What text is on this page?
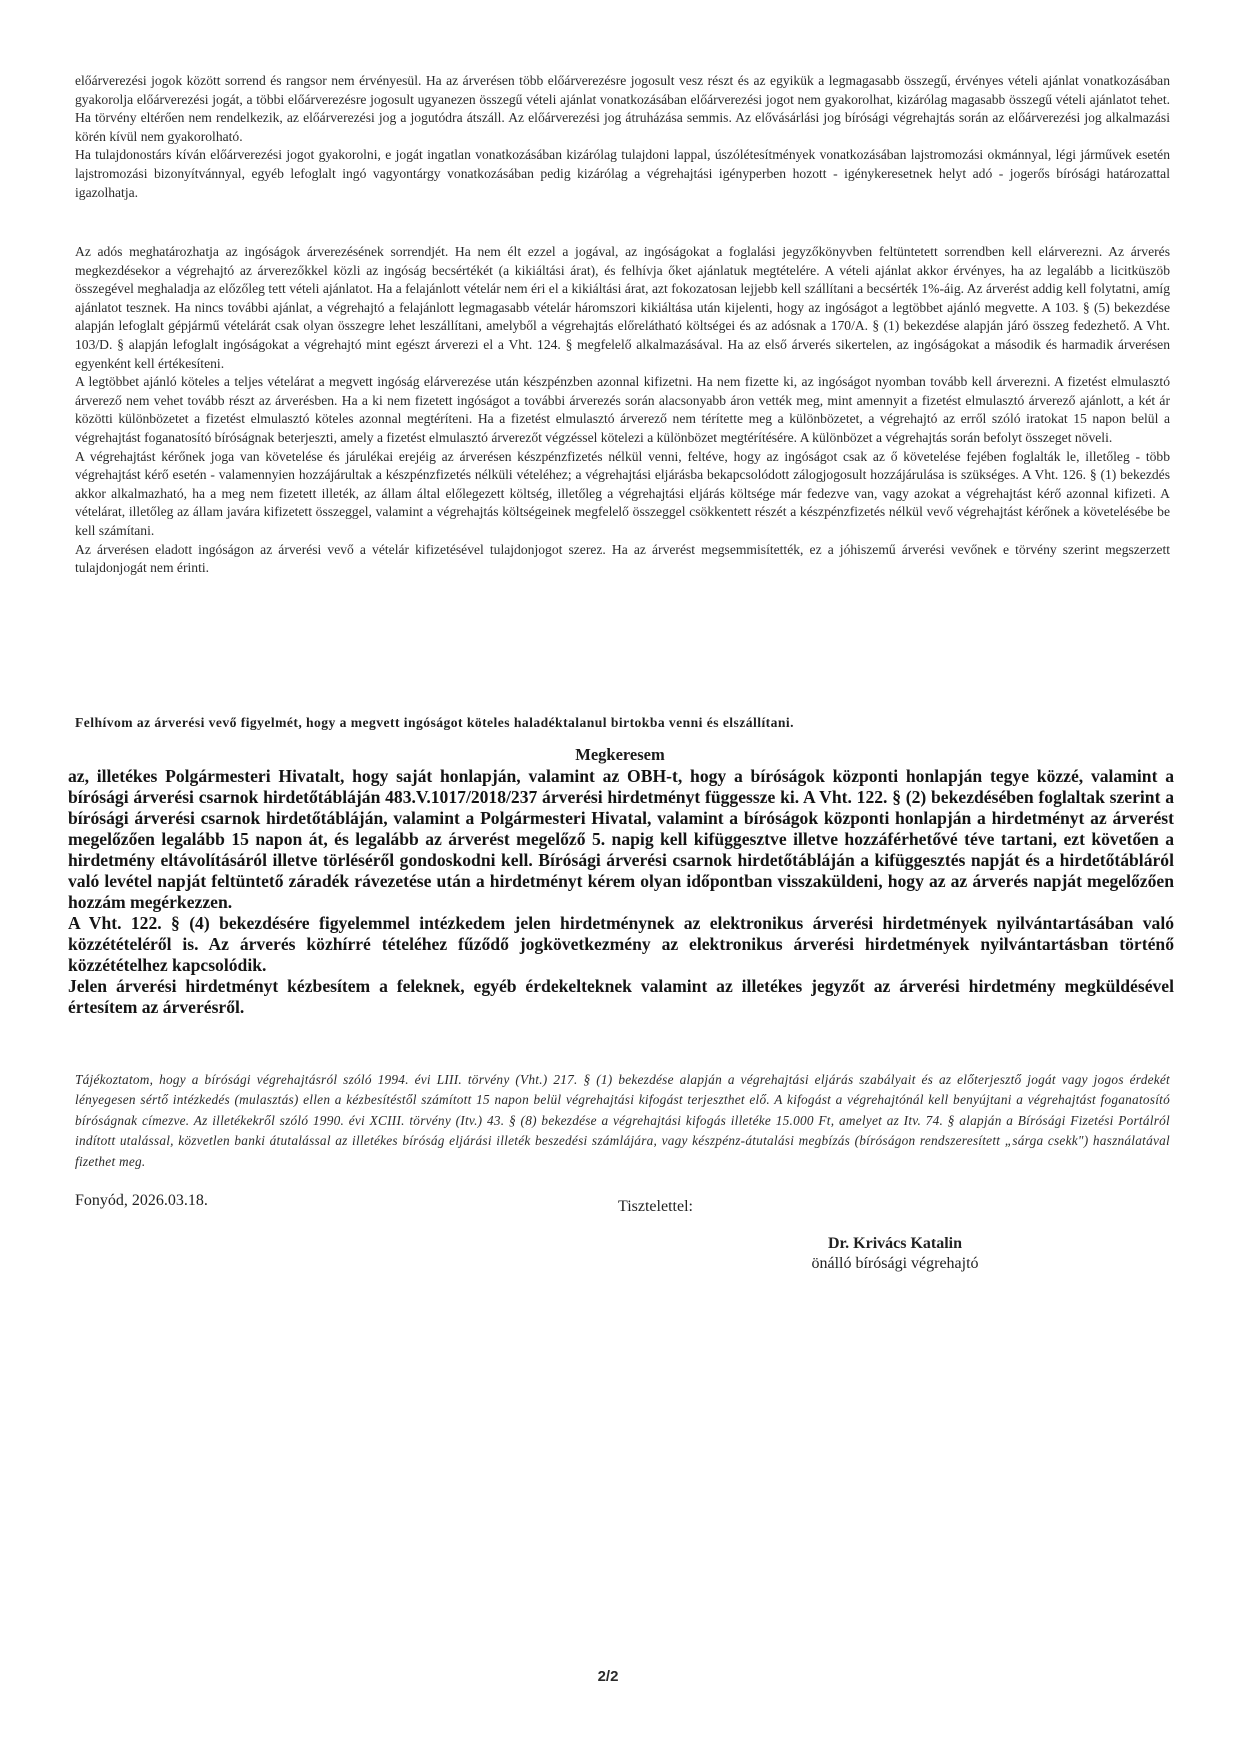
előárverezési jogok között sorrend és rangsor nem érvényesül. Ha az árverésen több előárverezésre jogosult vesz részt és az egyikük a legmagasabb összegű, érvényes vételi ajánlat vonatkozásában gyakorolja előárverezési jogát, a többi előárverezésre jogosult ugyanezen összegű vételi ajánlat vonatkozásában előárverezési jogot nem gyakorolhat, kizárólag magasabb összegű vételi ajánlatot tehet. Ha törvény eltérően nem rendelkezik, az előárverezési jog a jogutódra átszáll. Az előárverezési jog átruházása semmis. Az elővásárlási jog bírósági végrehajtás során az előárverezési jog alkalmazási körén kívül nem gyakorolható.

Ha tulajdonostárs kíván előárverezési jogot gyakorolni, e jogát ingatlan vonatkozásában kizárólag tulajdoni lappal, úszólétesítmények vonatkozásában lajstromozási okmánnyal, légi járművek esetén lajstromozási bizonyítvánnyal, egyéb lefoglalt ingó vagyontárgy vonatkozásában pedig kizárólag a végrehajtási igényperben hozott - igénykeresetnek helyt adó - jogerős bírósági határozattal igazolhatja.

Az adós meghatározhatja az ingóságok árverezésének sorrendjét. Ha nem élt ezzel a jogával, az ingóságokat a foglalási jegyzőkönyvben feltüntetett sorrendben kell elárverezni. Az árverés megkezdésekor a végrehajtó az árverezőkkel közli az ingóság becsértékét (a kikiáltási árat), és felhívja őket ajánlatuk megtételére. A vételi ajánlat akkor érvényes, ha az legalább a licitküszöb összegével meghaladja az előzőleg tett vételi ajánlatot. Ha a felajánlott vételár nem éri el a kikiáltási árat, azt fokozatosan lejjebb kell szállítani a becsérték 1%-áig. Az árverést addig kell folytatni, amíg ajánlatot tesznek. Ha nincs további ajánlat, a végrehajtó a felajánlott legmagasabb vételár háromszori kikiáltása után kijelenti, hogy az ingóságot a legtöbbet ajánló megvette. A 103. § (5) bekezdése alapján lefoglalt gépjármű vételárát csak olyan összegre lehet leszállítani, amelyből a végrehajtás előrelátható költségei és az adósnak a 170/A. § (1) bekezdése alapján járó összeg fedezhető. A Vht. 103/D. § alapján lefoglalt ingóságokat a végrehajtó mint egészt árverezi el a Vht. 124. § megfelelő alkalmazásával. Ha az első árverés sikertelen, az ingóságokat a második és harmadik árverésen egyenként kell értékesíteni.

A legtöbbet ajánló köteles a teljes vételárat a megvett ingóság elárverezése után készpénzben azonnal kifizetni. Ha nem fizette ki, az ingóságot nyomban tovább kell árverezni. A fizetést elmulasztó árverező nem vehet tovább részt az árverésben. Ha a ki nem fizetett ingóságot a további árverezés során alacsonyabb áron vették meg, mint amennyit a fizetést elmulasztó árverező ajánlott, a két ár közötti különbözetet a fizetést elmulasztó köteles azonnal megtéríteni. Ha a fizetést elmulasztó árverező nem térítette meg a különbözetet, a végrehajtó az erről szóló iratokat 15 napon belül a végrehajtást foganatosító bíróságnak beterjeszti, amely a fizetést elmulasztó árverezőt végzéssel kötelezi a különbözet megtérítésére. A különbözet a végrehajtás során befolyt összeget növeli.

A végrehajtást kérőnek joga van követelése és járulékai erejéig az árverésen készpénzfizetés nélkül venni, feltéve, hogy az ingóságot csak az ő követelése fejében foglalták le, illetőleg - több végrehajtást kérő esetén - valamennyien hozzájárultak a készpénzfizetés nélküli vételéhez; a végrehajtási eljárásba bekapcsolódott zálogjogosult hozzájárulása is szükséges. A Vht. 126. § (1) bekezdés akkor alkalmazható, ha a meg nem fizetett illeték, az állam által előlegezett költség, illetőleg a végrehajtási eljárás költsége már fedezve van, vagy azokat a végrehajtást kérő azonnal kifizeti. A vételárat, illetőleg az állam javára kifizetett összeggel, valamint a végrehajtás költségeinek megfelelő összeggel csökkentett részét a készpénzfizetés nélkül vevő végrehajtást kérőnek a követelésébe be kell számítani.

Az árverésen eladott ingóságon az árverési vevő a vételár kifizetésével tulajdonjogot szerez. Ha az árverést megsemmisítették, ez a jóhiszemű árverési vevőnek e törvény szerint megszerzett tulajdonjogát nem érinti.

Felhívom az árverési vevő figyelmét, hogy a megvett ingóságot köteles haladéktalanul birtokba venni és elszállítani.
Megkeresem

az, illetékes Polgármesteri Hivatalt, hogy saját honlapján, valamint az OBH-t, hogy a bíróságok központi honlapján tegye közzé, valamint a bírósági árverési csarnok hirdetőtábláján 483.V.1017/2018/237 árverési hirdetményt függessze ki. A Vht. 122. § (2) bekezdésében foglaltak szerint a bírósági árverési csarnok hirdetőtábláján, valamint a Polgármesteri Hivatal, valamint a bíróságok központi honlapján a hirdetményt az árverést megelőzően legalább 15 napon át, és legalább az árverést megelőző 5. napig kell kifüggesztve illetve hozzáférhetővé téve tartani, ezt követően a hirdetmény eltávolításáról illetve törléséről gondoskodni kell. Bírósági árverési csarnok hirdetőtábláján a kifüggesztés napját és a hirdetőtábláról való levétel napját feltüntető záradék rávezetése után a hirdetményt kérem olyan időpontban visszaküldeni, hogy az az árverés napját megelőzően hozzám megérkezzen.

A Vht. 122. § (4) bekezdésére figyelemmel intézkedem jelen hirdetménynek az elektronikus árverési hirdetmények nyilvántartásában való közzétételéről is. Az árverés közhírré tételéhez fűződő jogkövetkezmény az elektronikus árverési hirdetmények nyilvántartásban történő közzétételhez kapcsolódik.

Jelen árverési hirdetményt kézbesítem a feleknek, egyéb érdekelteknek valamint az illetékes jegyzőt az árverési hirdetmény megküldésével értesítem az árverésről.

Tájékoztatom, hogy a bírósági végrehajtásról szóló 1994. évi LIII. törvény (Vht.) 217. § (1) bekezdése alapján a végrehajtási eljárás szabályait és az előterjesztő jogát vagy jogos érdekét lényegesen sértő intézkedés (mulasztás) ellen a kézbesítéstől számított 15 napon belül végrehajtási kifogást terjeszthet elő. A kifogást a végrehajtónál kell benyújtani a végrehajtást foganatosító bíróságnak címezve. Az illetékekről szóló 1990. évi XCIII. törvény (Itv.) 43. § (8) bekezdése a végrehajtási kifogás illetéke 15.000 Ft, amelyet az Itv. 74. § alapján a Bírósági Fizetési Portálról indított utalással, közvetlen banki átutalással az illetékes bíróság eljárási illeték beszedési számlájára, vagy készpénz-átutalási megbízás (bíróságon rendszeresített „sárga csekk") használatával fizethet meg.
Fonyód, 2026.03.18.	Tisztelettel:
Dr. Krivács Katalin
önálló bírósági végrehajtó
2/2
